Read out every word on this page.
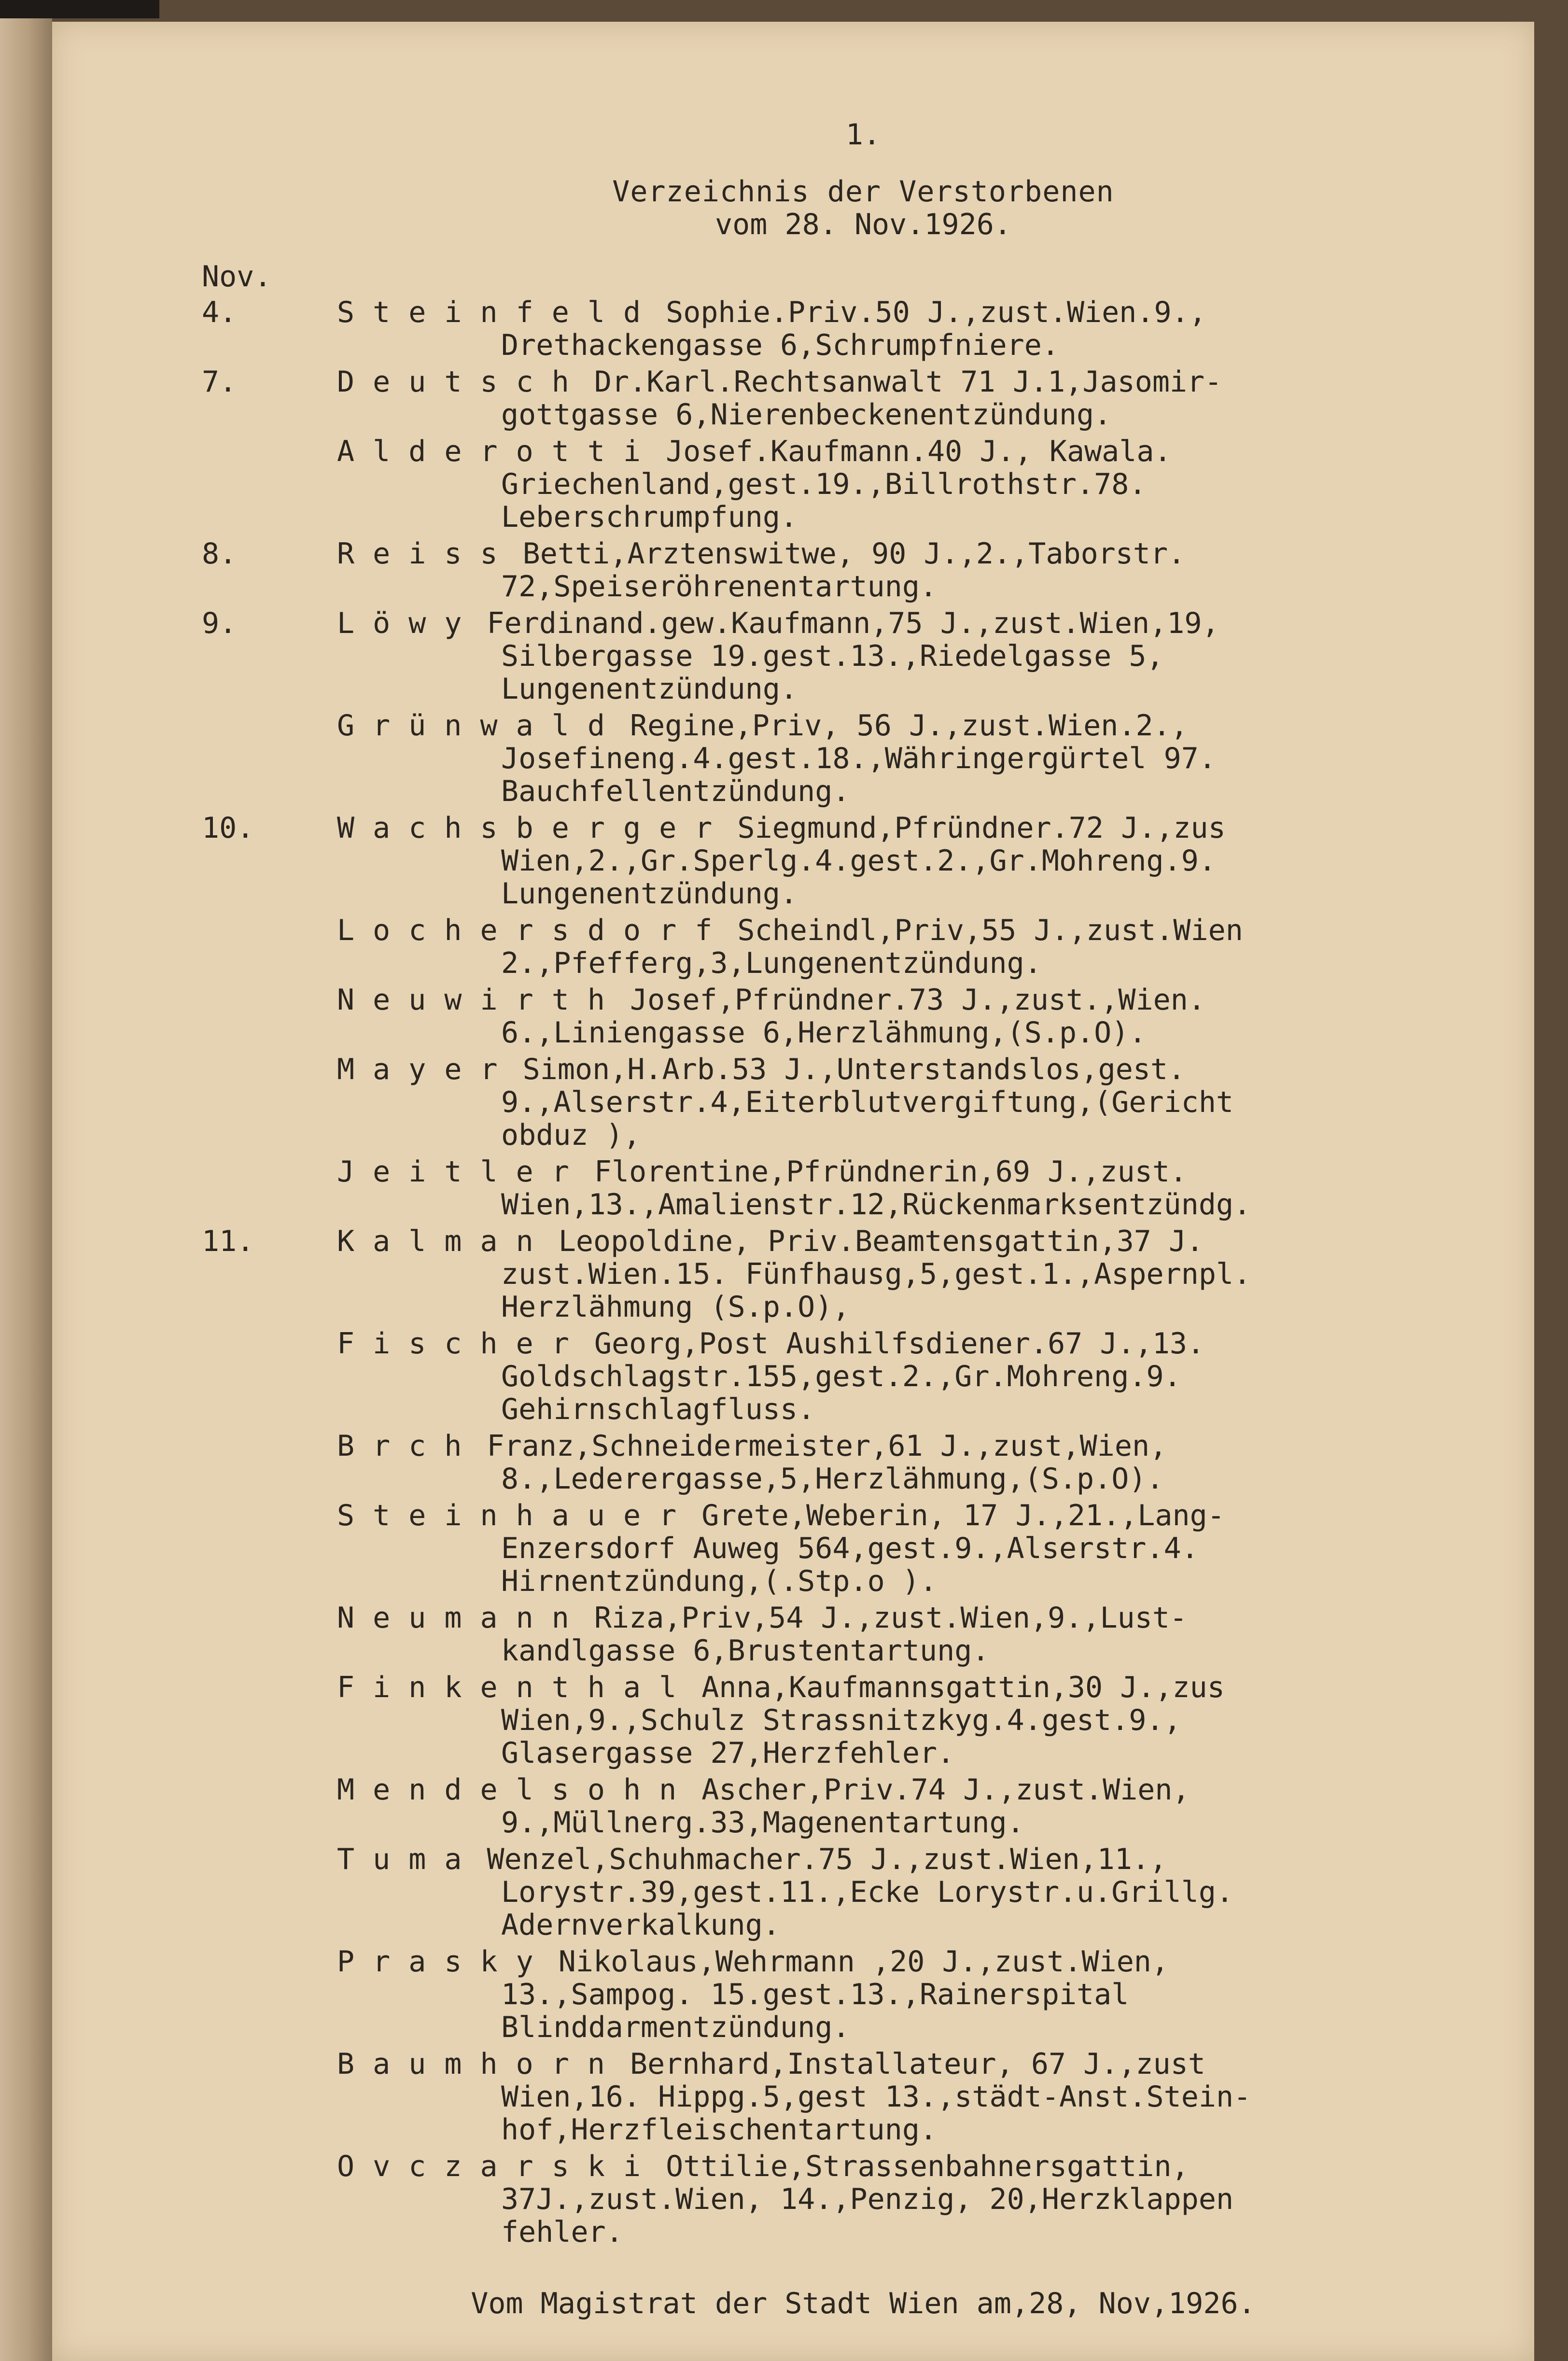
1.
Verzeichnis der Verstorbenen
vom 28. Nov.1926.
Nov.
4.	Steinfeld Sophie.Priv.50 J.,zust.Wien.9.,
Drethackengasse 6,Schrumpfniere.
7.	Deutsch Dr.Karl.Rechtsanwalt 71 J.1,Jasomir-
gottgasse 6,Nierenbeckenentzündung.
Alderotti Josef.Kaufmann.40 J., Kawala.
Griechenland,gest.19.,Billrothstr.78.
Leberschrumpfung.
8.	Reiss Betti,Arztenswitwe, 90 J.,2.,Taborstr.
72,Speiseröhrenentartung.
9.	Löwy Ferdinand.gew.Kaufmann,75 J.,zust.Wien,19,
Silbergasse 19.gest.13.,Riedelgasse 5,
Lungenentzündung.
Grünwald Regine,Priv, 56 J.,zust.Wien.2.,
Josefineng.4.gest.18.,Währingergürtel 97.
Bauchfellentzündung.
10.	Wachsberger Siegmund,Pfründner.72 J.,zus
Wien,2.,Gr.Sperlg.4.gest.2.,Gr.Mohreng.9.
Lungenentzündung.
Lochersdorf Scheindl,Priv,55 J.,zust.Wien
2.,Pfefferg,3,Lungenentzündung.
Neuwirth Josef,Pfründner.73 J.,zust.,Wien.
6.,Liniengasse 6,Herzlähmung,(S.p.O).
Mayer Simon,H.Arb.53 J.,Unterstandslos,gest.
9.,Alserstr.4,Eiterblutvergiftung,(Gericht
obduz ),
Jeitler Florentine,Pfründnerin,69 J.,zust.
Wien,13.,Amalienstr.12,Rückenmarksentzündg.
11.	Kalman Leopoldine, Priv.Beamtensgattin,37 J.
zust.Wien.15. Fünfhausg,5,gest.1.,Aspernpl.
Herzlähmung (S.p.O),
Fischer Georg,Post Aushilfsdiener.67 J.,13.
Goldschlagstr.155,gest.2.,Gr.Mohreng.9.
Gehirnschlagfluss.
Brch Franz,Schneidermeister,61 J.,zust,Wien,
8.,Lederergasse,5,Herzlähmung,(S.p.O).
Steinhauer Grete,Weberin, 17 J.,21.,Lang-
Enzersdorf Auweg 564,gest.9.,Alserstr.4.
Hirnentzündung,(.Stp.o ).
Neumann Riza,Priv,54 J.,zust.Wien,9.,Lust-
kandlgasse 6,Brustentartung.
Finkenthal Anna,Kaufmannsgattin,30 J.,zus
Wien,9.,Schulz Strassnitzkyg.4.gest.9.,
Glasergasse 27,Herzfehler.
Mendelsohn Ascher,Priv.74 J.,zust.Wien,
9.,Müllnerg.33,Magenentartung.
Tuma Wenzel,Schuhmacher.75 J.,zust.Wien,11.,
Lorystr.39,gest.11.,Ecke Lorystr.u.Grillg.
Adernverkalkung.
Prasky Nikolaus,Wehrmann ,20 J.,zust.Wien,
13.,Sampog. 15.gest.13.,Rainerspital
Blinddarmentzündung.
Baumhorn Bernhard,Installateur, 67 J.,zust
Wien,16. Hippg.5,gest 13.,städt-Anst.Stein-
hof,Herzfleischentartung.
Ovczarski Ottilie,Strassenbahnersgattin,
37J.,zust.Wien, 14.,Penzig, 20,Herzklappen
fehler.
Vom Magistrat der Stadt Wien am,28, Nov,1926.
